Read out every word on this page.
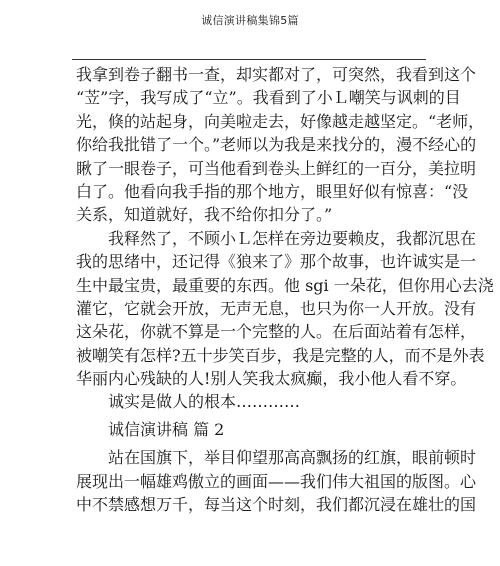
诚信演讲稿集锦5篇
我拿到卷子翻书一查，却实都对了，可突然，我看到这个
“苙”字，我写成了“立”。我看到了小Ｌ嘲笑与讽刺的目
光，倏的站起身，向美啦走去，好像越走越坚定。“老师，
你给我批错了一个。”老师以为我是来找分的，漫不经心的
瞅了一眼卷子，可当他看到卷头上鲜红的一百分，美拉明
白了。他看向我手指的那个地方，眼里好似有惊喜：“没
关系，知道就好，我不给你扣分了。”
我释然了，不顾小Ｌ怎样在旁边要赖皮，我都沉思在
我的思绪中，还记得《狼来了》那个故事，也许诚实是一
生中最宝贵，最重要的东西。他 sgi 一朵花，但你用心去浇
灌它，它就会开放，无声无息，也只为你一人开放。没有
这朵花，你就不算是一个完整的人。在后面站着有怎样，
被嘲笑有怎样?五十步笑百步，我是完整的人，而不是外表
华丽内心残缺的人!别人笑我太疯癫，我小他人看不穿。
诚实是做人的根本…………
诚信演讲稿 篇 2
站在国旗下，举目仰望那高高飘扬的红旗，眼前顿时
展现出一幅雄鸡傲立的画面——我们伟大祖国的版图。心
中不禁感想万千，每当这个时刻，我们都沉浸在雄壮的国
